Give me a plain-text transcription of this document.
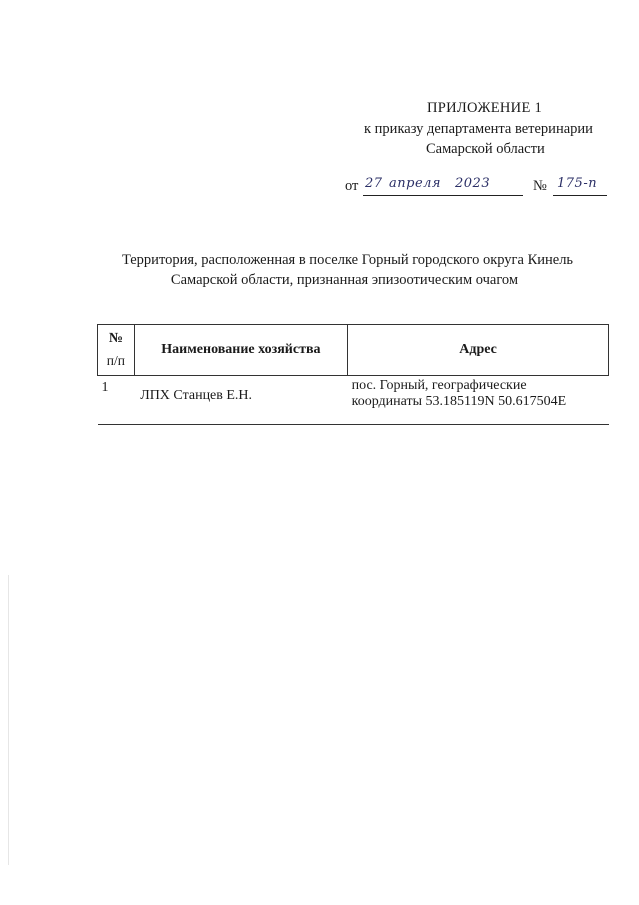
ПРИЛОЖЕНИЕ 1
к приказу департамента ветеринарии
Самарской области
от 27 апреля 2023	№ 175-п
Территория, расположенная в поселке Горный городского округа Кинель
Самарской области, признанная эпизоотическим очагом
№
п/п	Наименование хозяйства	Адрес
1	ЛПХ Станцев Е.Н.	пос. Горный, географические
координаты 53.185119N 50.617504E
